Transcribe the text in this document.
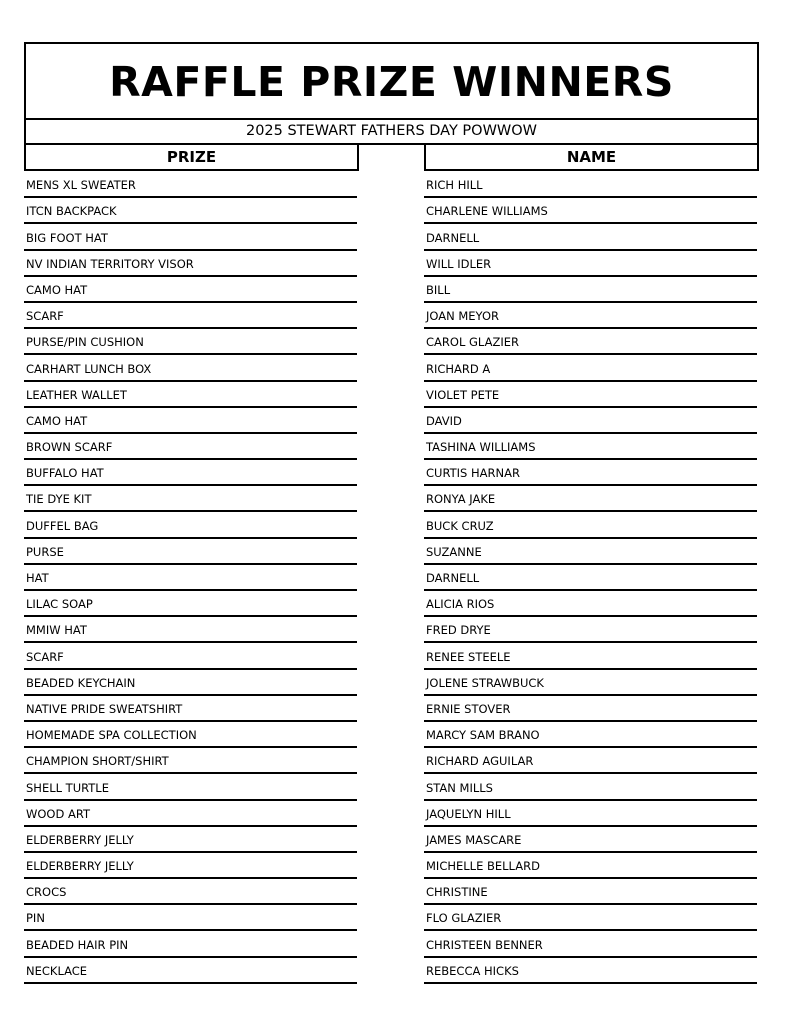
RAFFLE PRIZE WINNERS
2025 STEWART FATHERS DAY POWWOW
PRIZE	NAME
MENS XL SWEATER
ITCN BACKPACK
BIG FOOT HAT
NV INDIAN TERRITORY VISOR
CAMO HAT
SCARF
PURSE/PIN CUSHION
CARHART LUNCH BOX
LEATHER WALLET
CAMO HAT
BROWN SCARF
BUFFALO HAT
TIE DYE KIT
DUFFEL BAG
PURSE
HAT
LILAC SOAP
MMIW HAT
SCARF
BEADED KEYCHAIN
NATIVE PRIDE SWEATSHIRT
HOMEMADE SPA COLLECTION
CHAMPION SHORT/SHIRT
SHELL TURTLE
WOOD ART
ELDERBERRY JELLY
ELDERBERRY JELLY
CROCS
PIN
BEADED HAIR PIN
NECKLACE
RICH HILL
CHARLENE WILLIAMS
DARNELL
WILL IDLER
BILL
JOAN MEYOR
CAROL GLAZIER
RICHARD A
VIOLET PETE
DAVID
TASHINA WILLIAMS
CURTIS HARNAR
RONYA JAKE
BUCK CRUZ
SUZANNE
DARNELL
ALICIA RIOS
FRED DRYE
RENEE STEELE
JOLENE STRAWBUCK
ERNIE STOVER
MARCY SAM BRANO
RICHARD AGUILAR
STAN MILLS
JAQUELYN HILL
JAMES MASCARE
MICHELLE BELLARD
CHRISTINE
FLO GLAZIER
CHRISTEEN BENNER
REBECCA HICKS
